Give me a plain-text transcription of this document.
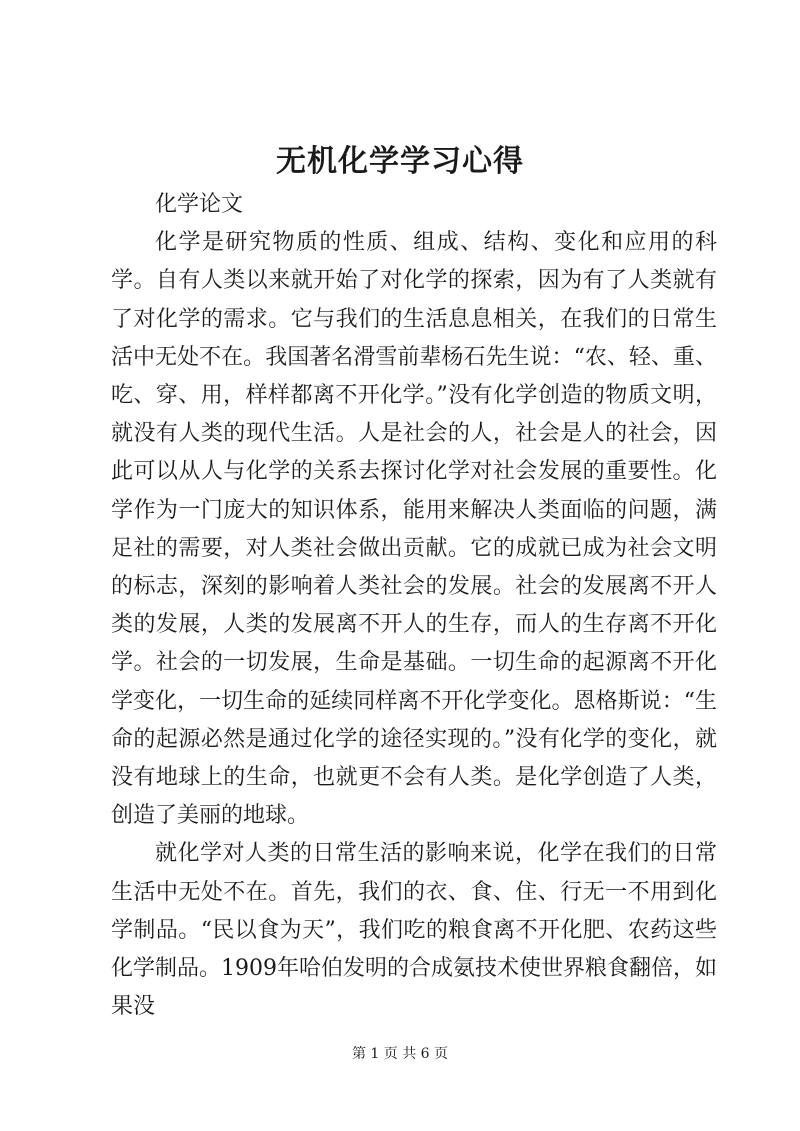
无机化学学习心得

化学论文

化学是研究物质的性质、组成、结构、变化和应用的科学。自有人类以来就开始了对化学的探索，因为有了人类就有了对化学的需求。它与我们的生活息息相关，在我们的日常生活中无处不在。我国著名滑雪前辈杨石先生说：“农、轻、重、吃、穿、用，样样都离不开化学。”没有化学创造的物质文明，就没有人类的现代生活。人是社会的人，社会是人的社会，因此可以从人与化学的关系去探讨化学对社会发展的重要性。化学作为一门庞大的知识体系，能用来解决人类面临的问题，满足社的需要，对人类社会做出贡献。它的成就已成为社会文明的标志，深刻的影响着人类社会的发展。社会的发展离不开人类的发展，人类的发展离不开人的生存，而人的生存离不开化学。社会的一切发展，生命是基础。一切生命的起源离不开化学变化，一切生命的延续同样离不开化学变化。恩格斯说：“生命的起源必然是通过化学的途径实现的。”没有化学的变化，就没有地球上的生命，也就更不会有人类。是化学创造了人类，创造了美丽的地球。

就化学对人类的日常生活的影响来说，化学在我们的日常生活中无处不在。首先，我们的衣、食、住、行无一不用到化学制品。“民以食为天”，我们吃的粮食离不开化肥、农药这些化学制品。1909年哈伯发明的合成氨技术使世界粮食翻倍，如果没

第 1 页 共 6 页
